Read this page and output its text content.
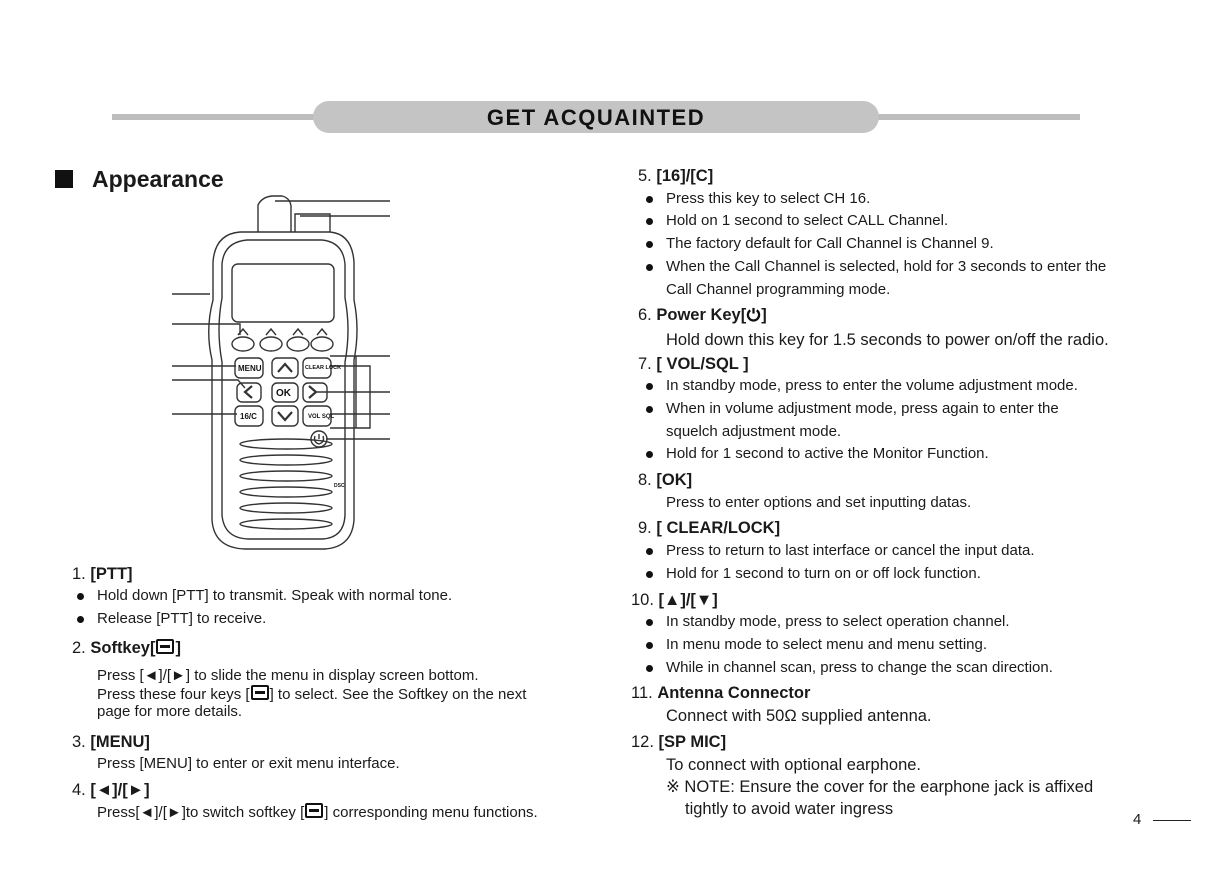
GET ACQUAINTED
Appearance
MENU	CLEAR LOCK
OK
16/C	VOL SQL
DSC
1. [PTT]
Hold down [PTT] to transmit. Speak with normal tone.
Release [PTT] to receive.
2. Softkey[ ]
Press [◄]/[►] to slide the menu in display screen bottom.
Press these four keys [ ] to select. See the Softkey on the next
page for more details.
3. [MENU]
Press [MENU] to enter or exit menu interface.
4. [◄]/[►]
Press[◄]/[►]to switch softkey [ ] corresponding menu functions.
5. [16]/[C]
Press this key to select CH 16.
Hold on 1 second to select CALL Channel.
The factory default for Call Channel is Channel 9.
When the Call Channel is selected, hold for 3 seconds to enter the
Call Channel programming mode.
6. Power Key[ ]
Hold down this key for 1.5 seconds to power on/off the radio.
7. [ VOL/SQL ]
In standby mode, press to enter the volume adjustment mode.
When in volume adjustment mode, press again to enter the
squelch adjustment mode.
Hold for 1 second to active the Monitor Function.
8. [OK]
Press to enter options and set inputting datas.
9. [ CLEAR/LOCK]
Press to return to last interface or cancel the input data.
Hold for 1 second to turn on or off lock function.
10. [▲]/[▼]
In standby mode, press to select operation channel.
In menu mode to select menu and menu setting.
While in channel scan, press to change the scan direction.
11. Antenna Connector
Connect with 50Ω supplied antenna.
12. [SP MIC]
To connect with optional earphone.
※ NOTE: Ensure the cover for the earphone jack is affixed
tightly to avoid water ingress
4
